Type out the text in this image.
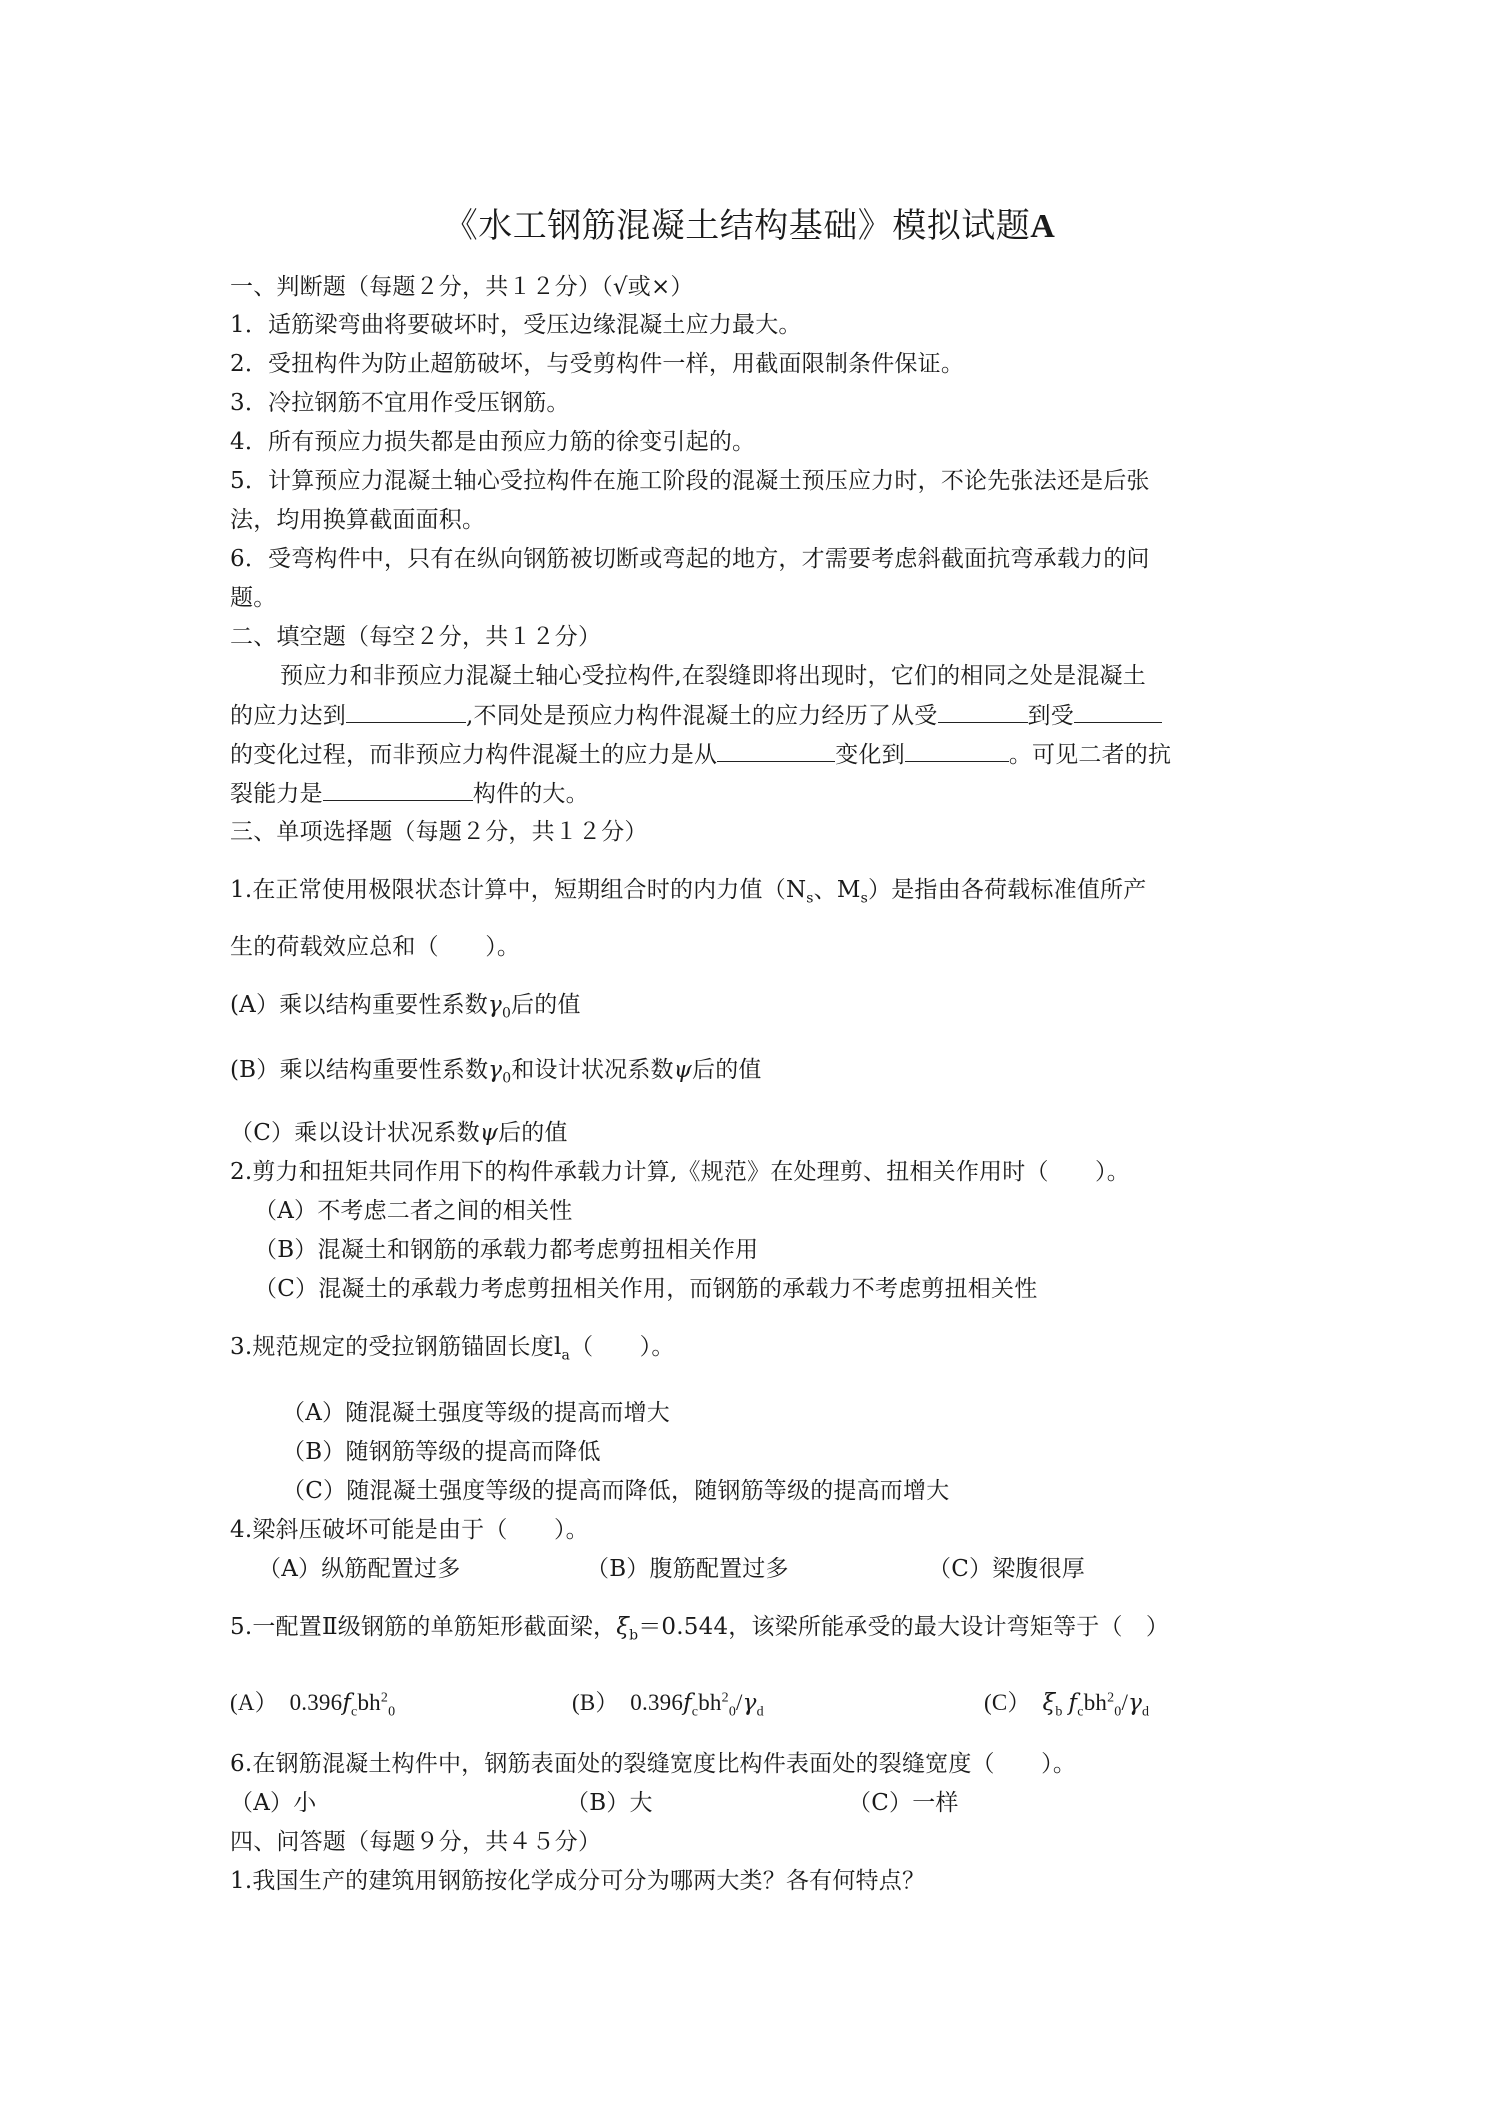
《水工钢筋混凝土结构基础》模拟试题A
一、判断题（每题２分，共１２分）（√或×）
1．适筋梁弯曲将要破坏时，受压边缘混凝土应力最大。
2．受扭构件为防止超筋破坏，与受剪构件一样，用截面限制条件保证。
3．冷拉钢筋不宜用作受压钢筋。
4．所有预应力损失都是由预应力筋的徐变引起的。
5．计算预应力混凝土轴心受拉构件在施工阶段的混凝土预压应力时，不论先张法还是后张
法，均用换算截面面积。
6．受弯构件中，只有在纵向钢筋被切断或弯起的地方，才需要考虑斜截面抗弯承载力的问
题。
二、填空题（每空２分，共１２分）
预应力和非预应力混凝土轴心受拉构件,在裂缝即将出现时，它们的相同之处是混凝土
的应力达到	,不同处是预应力构件混凝土的应力经历了从受	到受
的变化过程，而非预应力构件混凝土的应力是从	变化到	。可见二者的抗
裂能力是	构件的大。
三、单项选择题（每题２分，共１２分）
1.在正常使用极限状态计算中，短期组合时的内力值（$N_s$、$M_s$）是指由各荷载标准值所产
生的荷载效应总和（　　）。
(A）乘以结构重要性系数$\gamma_0$后的值
(B）乘以结构重要性系数$\gamma_0$和设计状况系数ψ后的值
（C）乘以设计状况系数ψ后的值
2.剪力和扭矩共同作用下的构件承载力计算,《规范》在处理剪、扭相关作用时（　　）。
（A）不考虑二者之间的相关性
（B）混凝土和钢筋的承载力都考虑剪扭相关作用
（C）混凝土的承载力考虑剪扭相关作用，而钢筋的承载力不考虑剪扭相关性
3.规范规定的受拉钢筋锚固长度$l_a$（　　）。
（A）随混凝土强度等级的提高而增大
（B）随钢筋等级的提高而降低
（C）随混凝土强度等级的提高而降低，随钢筋等级的提高而增大
4.梁斜压破坏可能是由于（　　）。
（A）纵筋配置过多	（B）腹筋配置过多	（C）梁腹很厚
5.一配置Ⅱ级钢筋的单筋矩形截面梁，$\xi_b=0.544$，该梁所能承受的最大设计弯矩等于（　）
(A）　$0.396f_cbh^2_0$	(B）　$0.396f_cbh^2_0/\gamma_d$	(C） $\xi_b$ $f_cbh^2_0/\gamma_d$
6.在钢筋混凝土构件中，钢筋表面处的裂缝宽度比构件表面处的裂缝宽度（　　）。
（A）小	（B）大	（C）一样
四、问答题（每题９分，共４５分）
1.我国生产的建筑用钢筋按化学成分可分为哪两大类？各有何特点？
